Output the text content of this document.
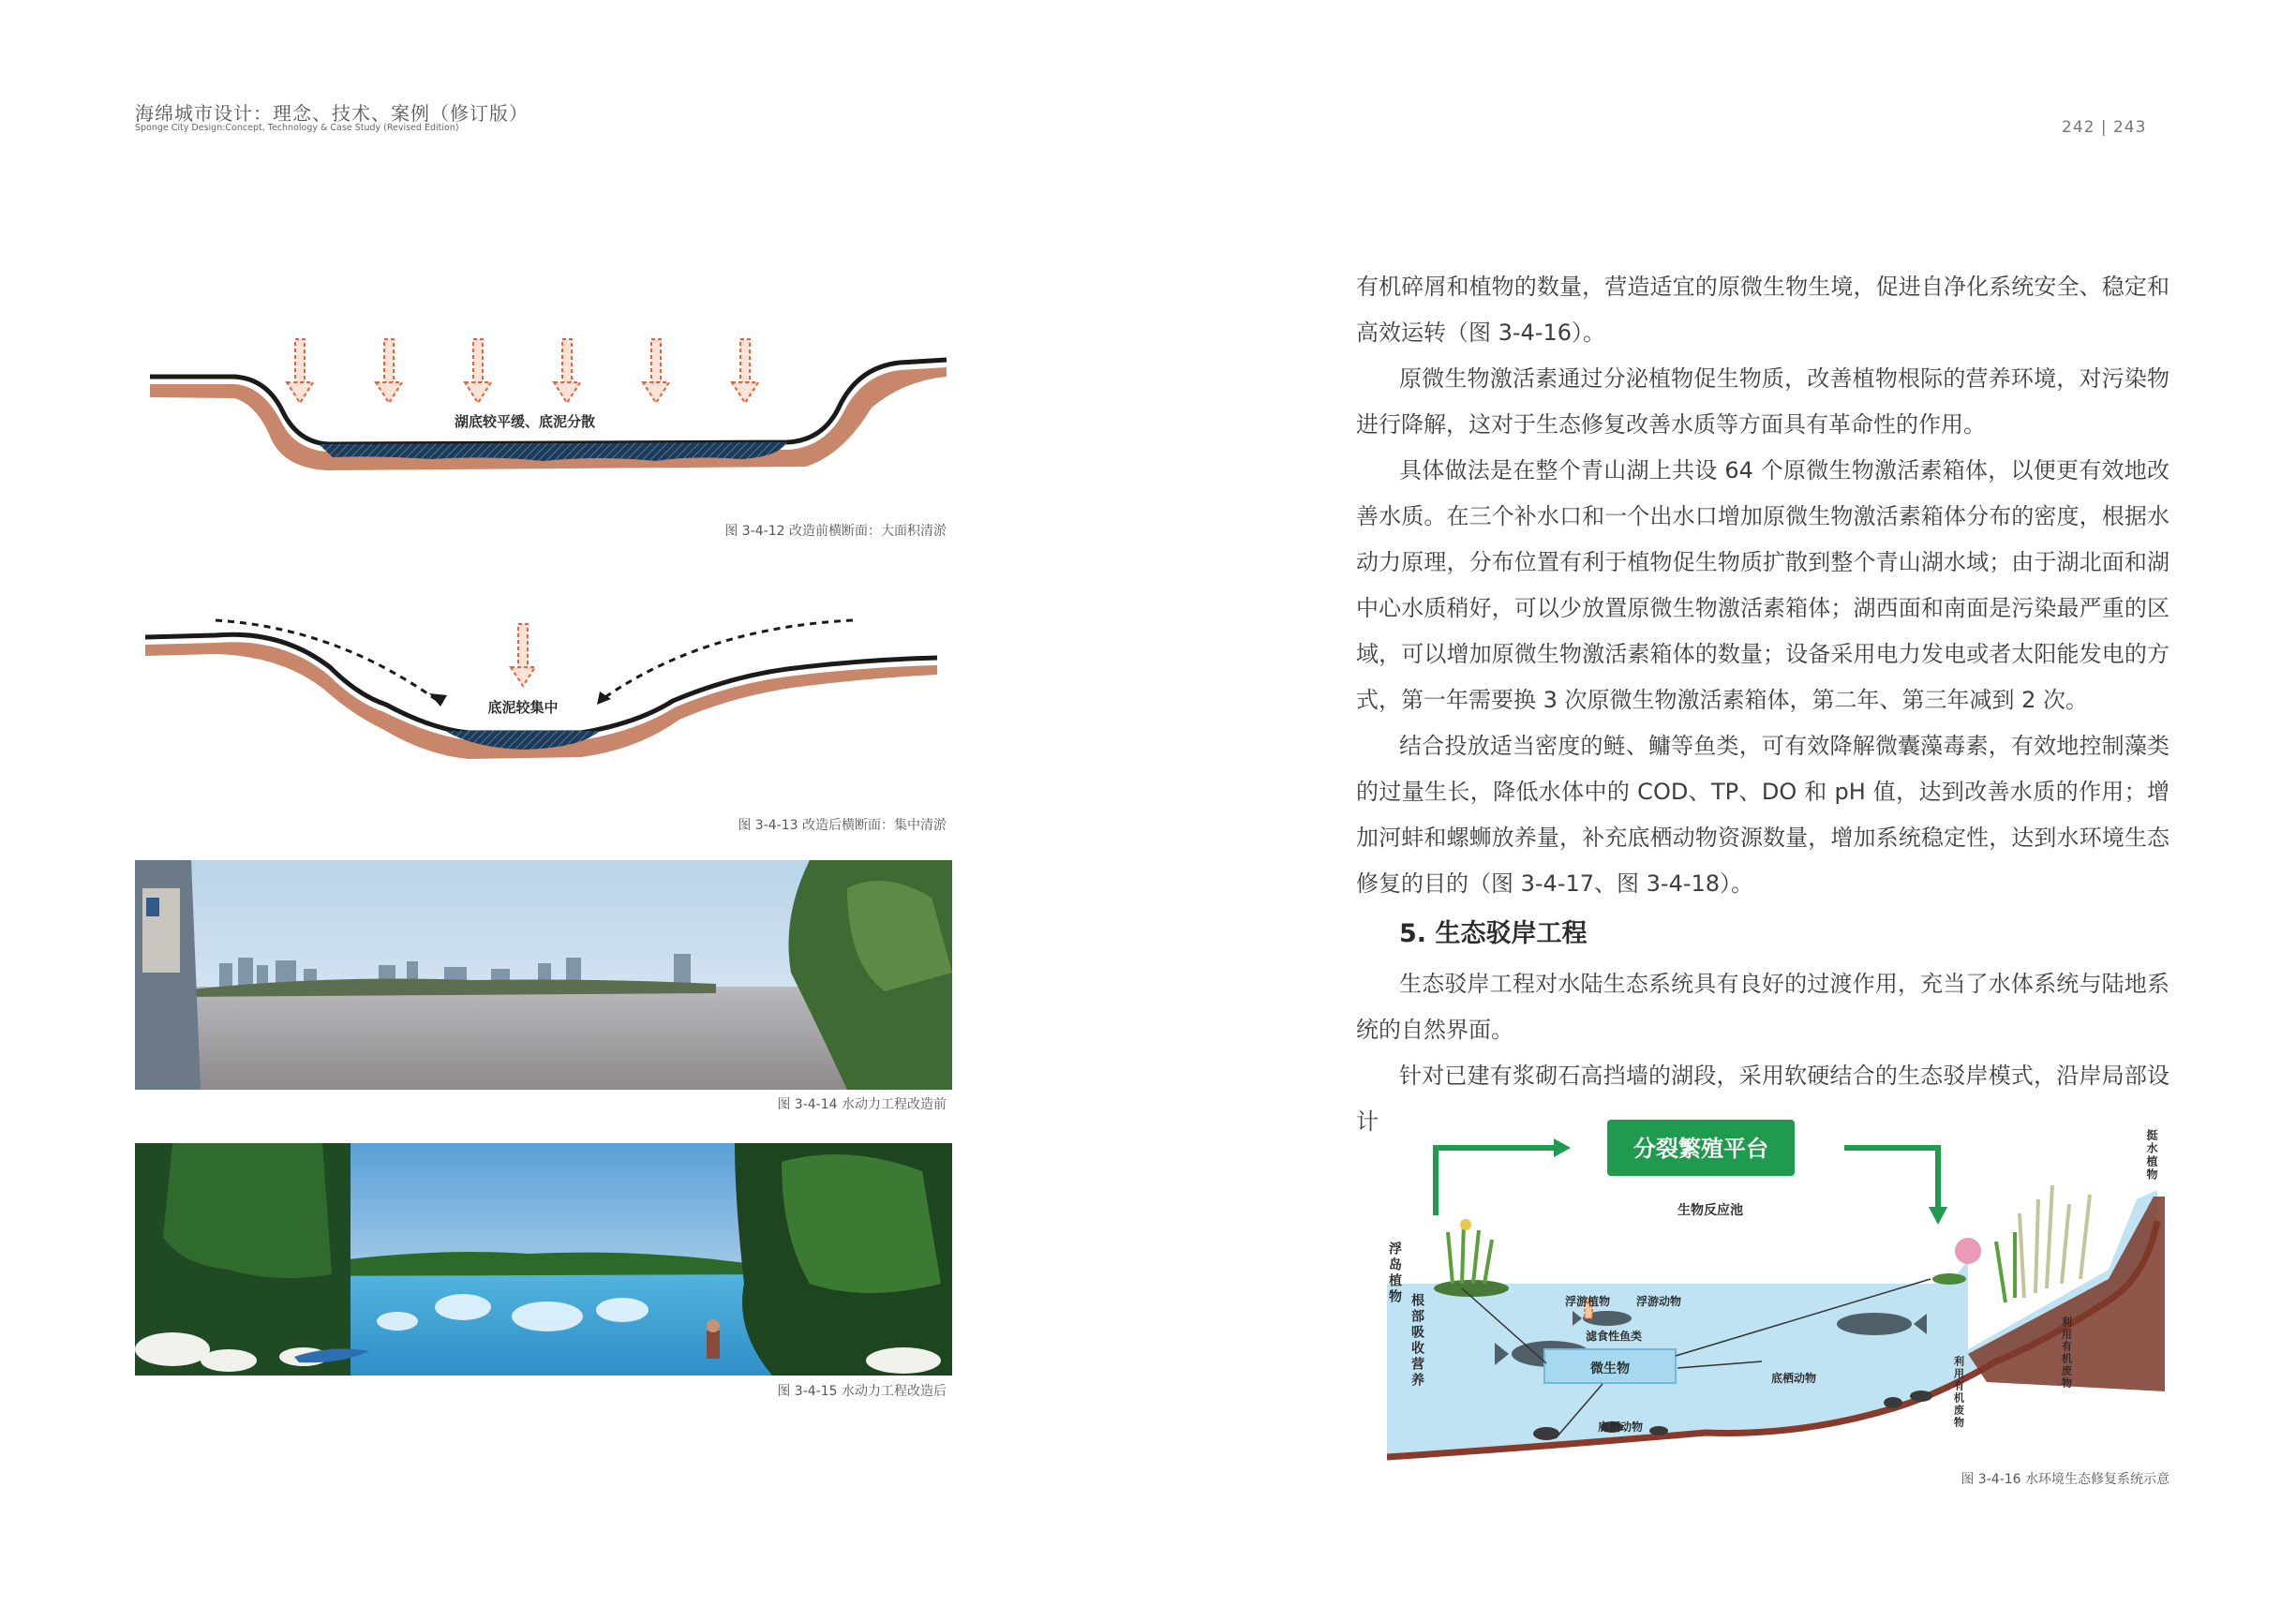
海绵城市设计：理念、技术、案例（修订版）
Sponge City Design:Concept, Technology & Case Study (Revised Edition)	242 | 243
湖底较平缓、底泥分散
图 3-4-12 改造前横断面：大面积清淤
底泥较集中
图 3-4-13 改造后横断面：集中清淤
图 3-4-14 水动力工程改造前
图 3-4-15 水动力工程改造后

有机碎屑和植物的数量，营造适宜的原微生物生境，促进自净化系统安全、稳定和高效运转（图 3-4-16）。

原微生物激活素通过分泌植物促生物质，改善植物根际的营养环境，对污染物进行降解，这对于生态修复改善水质等方面具有革命性的作用。

具体做法是在整个青山湖上共设 64 个原微生物激活素箱体，以便更有效地改善水质。在三个补水口和一个出水口增加原微生物激活素箱体分布的密度，根据水动力原理，分布位置有利于植物促生物质扩散到整个青山湖水域；由于湖北面和湖中心水质稍好，可以少放置原微生物激活素箱体；湖西面和南面是污染最严重的区域，可以增加原微生物激活素箱体的数量；设备采用电力发电或者太阳能发电的方式，第一年需要换 3 次原微生物激活素箱体，第二年、第三年减到 2 次。

结合投放适当密度的鲢、鳙等鱼类，可有效降解微囊藻毒素，有效地控制藻类的过量生长，降低水体中的 COD、TP、DO 和 pH 值，达到改善水质的作用；增加河蚌和螺蛳放养量，补充底栖动物资源数量，增加系统稳定性，达到水环境生态修复的目的（图 3-4-17、图 3-4-18）。

5. 生态驳岸工程

生态驳岸工程对水陆生态系统具有良好的过渡作用，充当了水体系统与陆地系统的自然界面。

针对已建有浆砌石高挡墙的湖段，采用软硬结合的生态驳岸模式，沿岸局部设计

分裂繁殖平台
生物反应池
微生物
浮游植物 浮游动物
滤食性鱼类
底栖动物
底栖动物
浮岛植物
根部吸收营养
挺水植物
利用有机废物
利用有机废物
图 3-4-16 水环境生态修复系统示意
